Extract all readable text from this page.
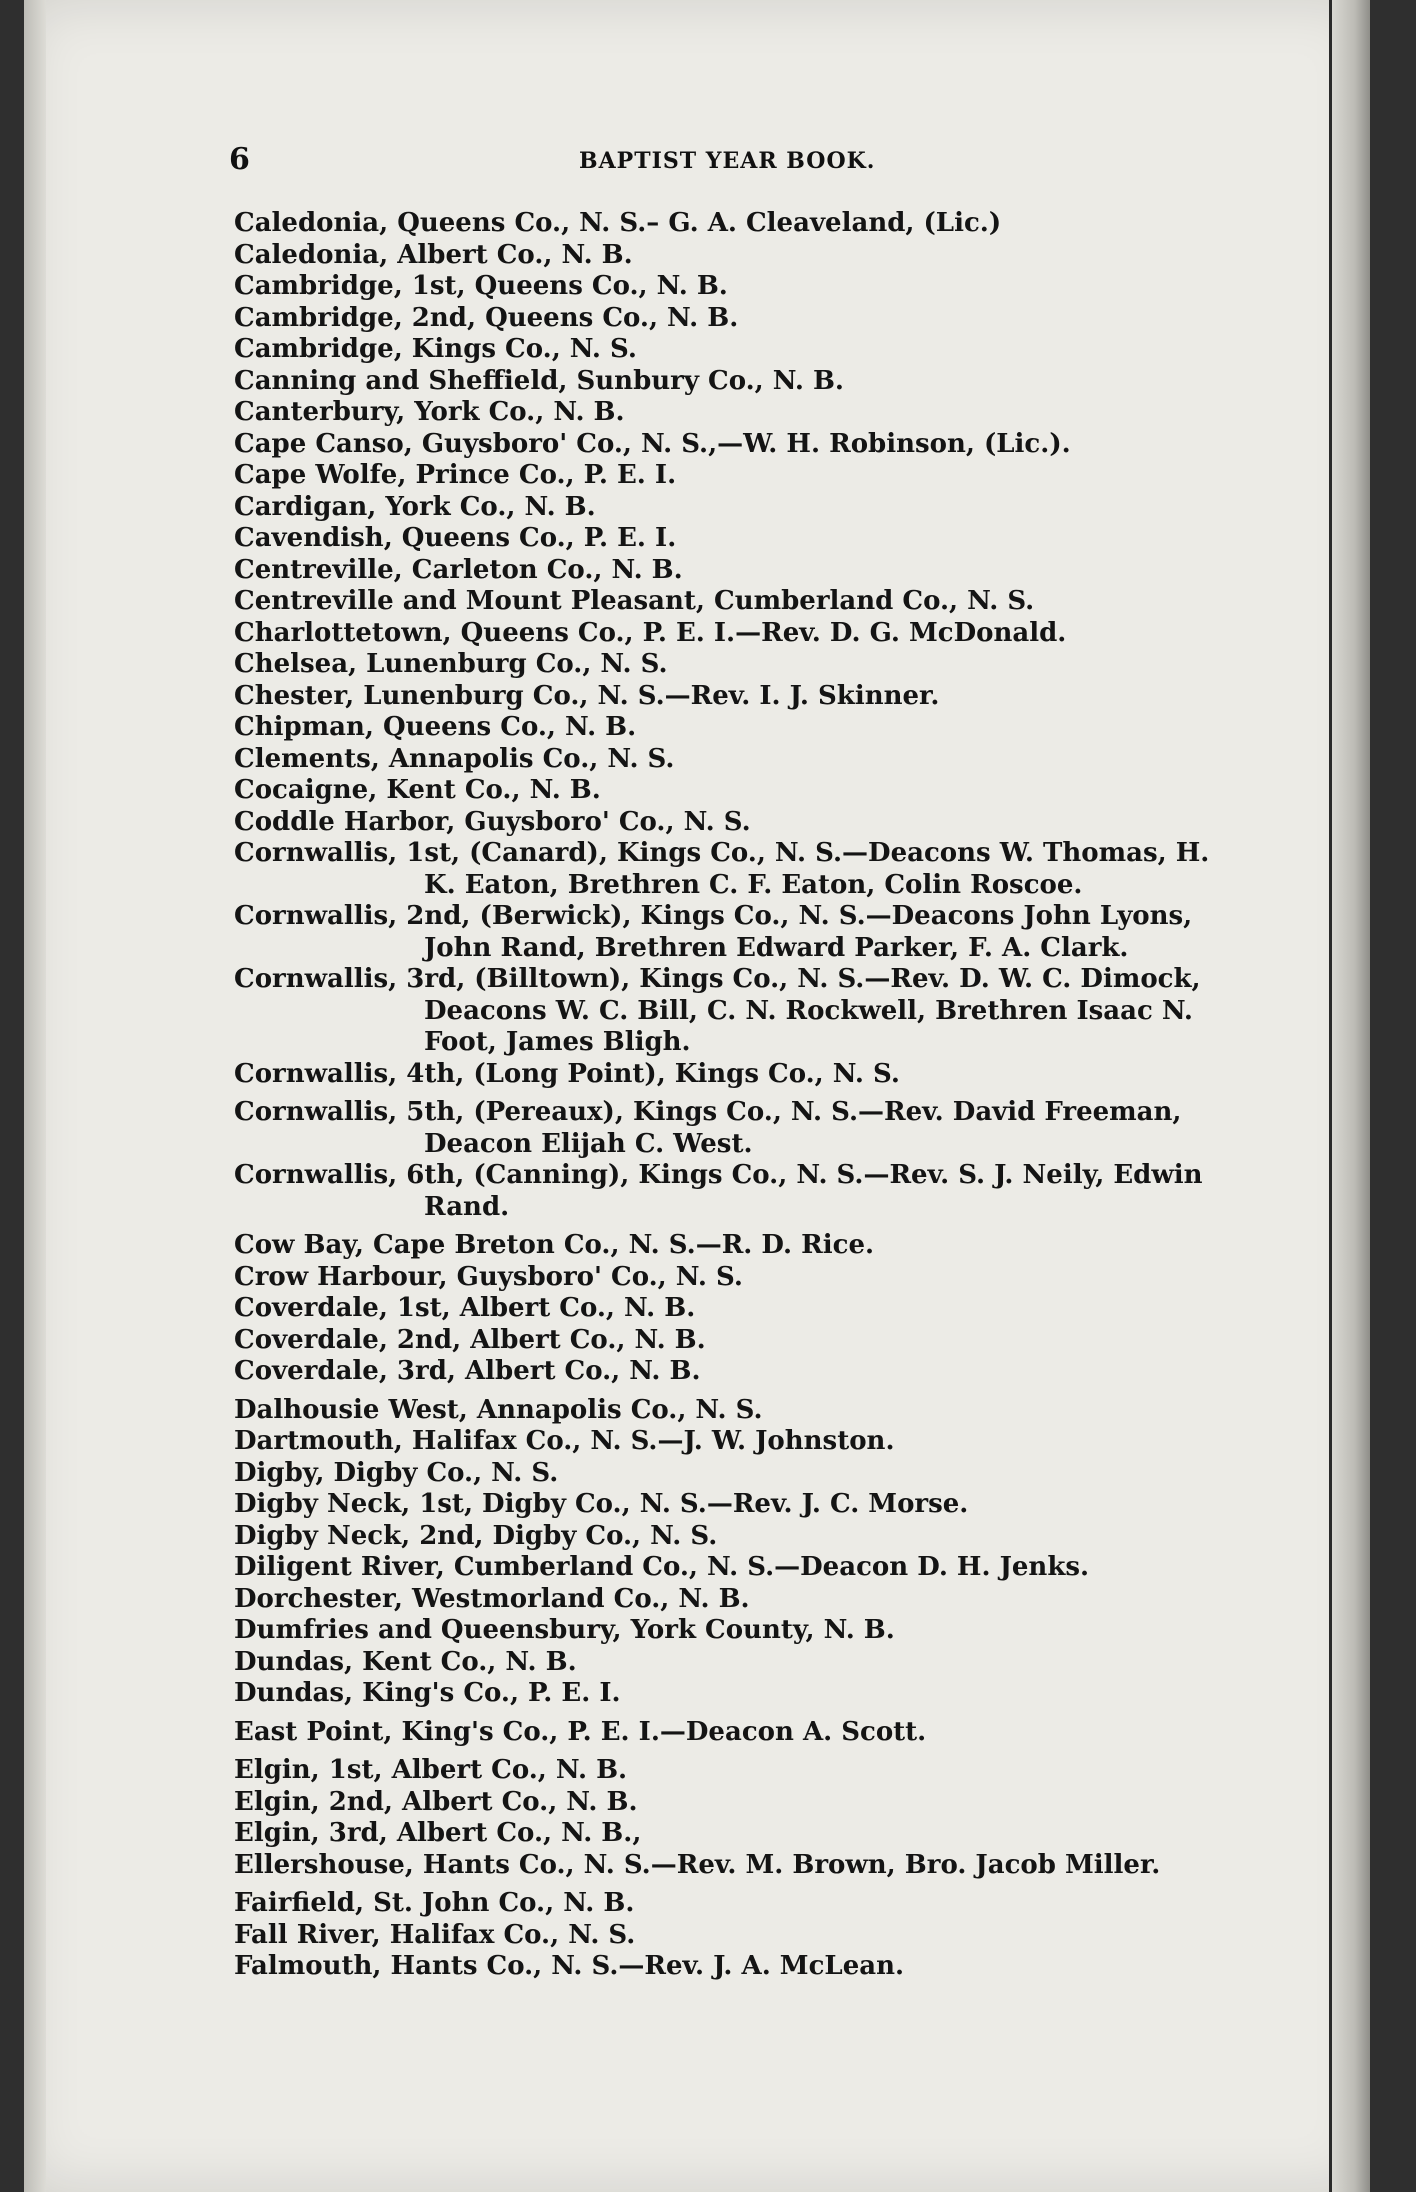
6	BAPTIST YEAR BOOK.
Caledonia, Queens Co., N. S.– G. A. Cleaveland, (Lic.)
Caledonia, Albert Co., N. B.
Cambridge, 1st, Queens Co., N. B.
Cambridge, 2nd, Queens Co., N. B.
Cambridge, Kings Co., N. S.
Canning and Sheffield, Sunbury Co., N. B.
Canterbury, York Co., N. B.
Cape Canso, Guysboro' Co., N. S.,—W. H. Robinson, (Lic.).
Cape Wolfe, Prince Co., P. E. I.
Cardigan, York Co., N. B.
Cavendish, Queens Co., P. E. I.
Centreville, Carleton Co., N. B.
Centreville and Mount Pleasant, Cumberland Co., N. S.
Charlottetown, Queens Co., P. E. I.—Rev. D. G. McDonald.
Chelsea, Lunenburg Co., N. S.
Chester, Lunenburg Co., N. S.—Rev. I. J. Skinner.
Chipman, Queens Co., N. B.
Clements, Annapolis Co., N. S.
Cocaigne, Kent Co., N. B.
Coddle Harbor, Guysboro' Co., N. S.
Cornwallis, 1st, (Canard), Kings Co., N. S.—Deacons W. Thomas, H. K. Eaton, Brethren C. F. Eaton, Colin Roscoe.
Cornwallis, 2nd, (Berwick), Kings Co., N. S.—Deacons John Lyons, John Rand, Brethren Edward Parker, F. A. Clark.
Cornwallis, 3rd, (Billtown), Kings Co., N. S.—Rev. D. W. C. Dimock, Deacons W. C. Bill, C. N. Rockwell, Brethren Isaac N. Foot, James Bligh.
Cornwallis, 4th, (Long Point), Kings Co., N. S.
Cornwallis, 5th, (Pereaux), Kings Co., N. S.—Rev. David Freeman, Deacon Elijah C. West.
Cornwallis, 6th, (Canning), Kings Co., N. S.—Rev. S. J. Neily, Edwin Rand.
Cow Bay, Cape Breton Co., N. S.—R. D. Rice.
Crow Harbour, Guysboro' Co., N. S.
Coverdale, 1st, Albert Co., N. B.
Coverdale, 2nd, Albert Co., N. B.
Coverdale, 3rd, Albert Co., N. B.
Dalhousie West, Annapolis Co., N. S.
Dartmouth, Halifax Co., N. S.—J. W. Johnston.
Digby, Digby Co., N. S.
Digby Neck, 1st, Digby Co., N. S.—Rev. J. C. Morse.
Digby Neck, 2nd, Digby Co., N. S.
Diligent River, Cumberland Co., N. S.—Deacon D. H. Jenks.
Dorchester, Westmorland Co., N. B.
Dumfries and Queensbury, York County, N. B.
Dundas, Kent Co., N. B.
Dundas, King's Co., P. E. I.
East Point, King's Co., P. E. I.—Deacon A. Scott.
Elgin, 1st, Albert Co., N. B.
Elgin, 2nd, Albert Co., N. B.
Elgin, 3rd, Albert Co., N. B.,
Ellershouse, Hants Co., N. S.—Rev. M. Brown, Bro. Jacob Miller.
Fairfield, St. John Co., N. B.
Fall River, Halifax Co., N. S.
Falmouth, Hants Co., N. S.—Rev. J. A. McLean.
